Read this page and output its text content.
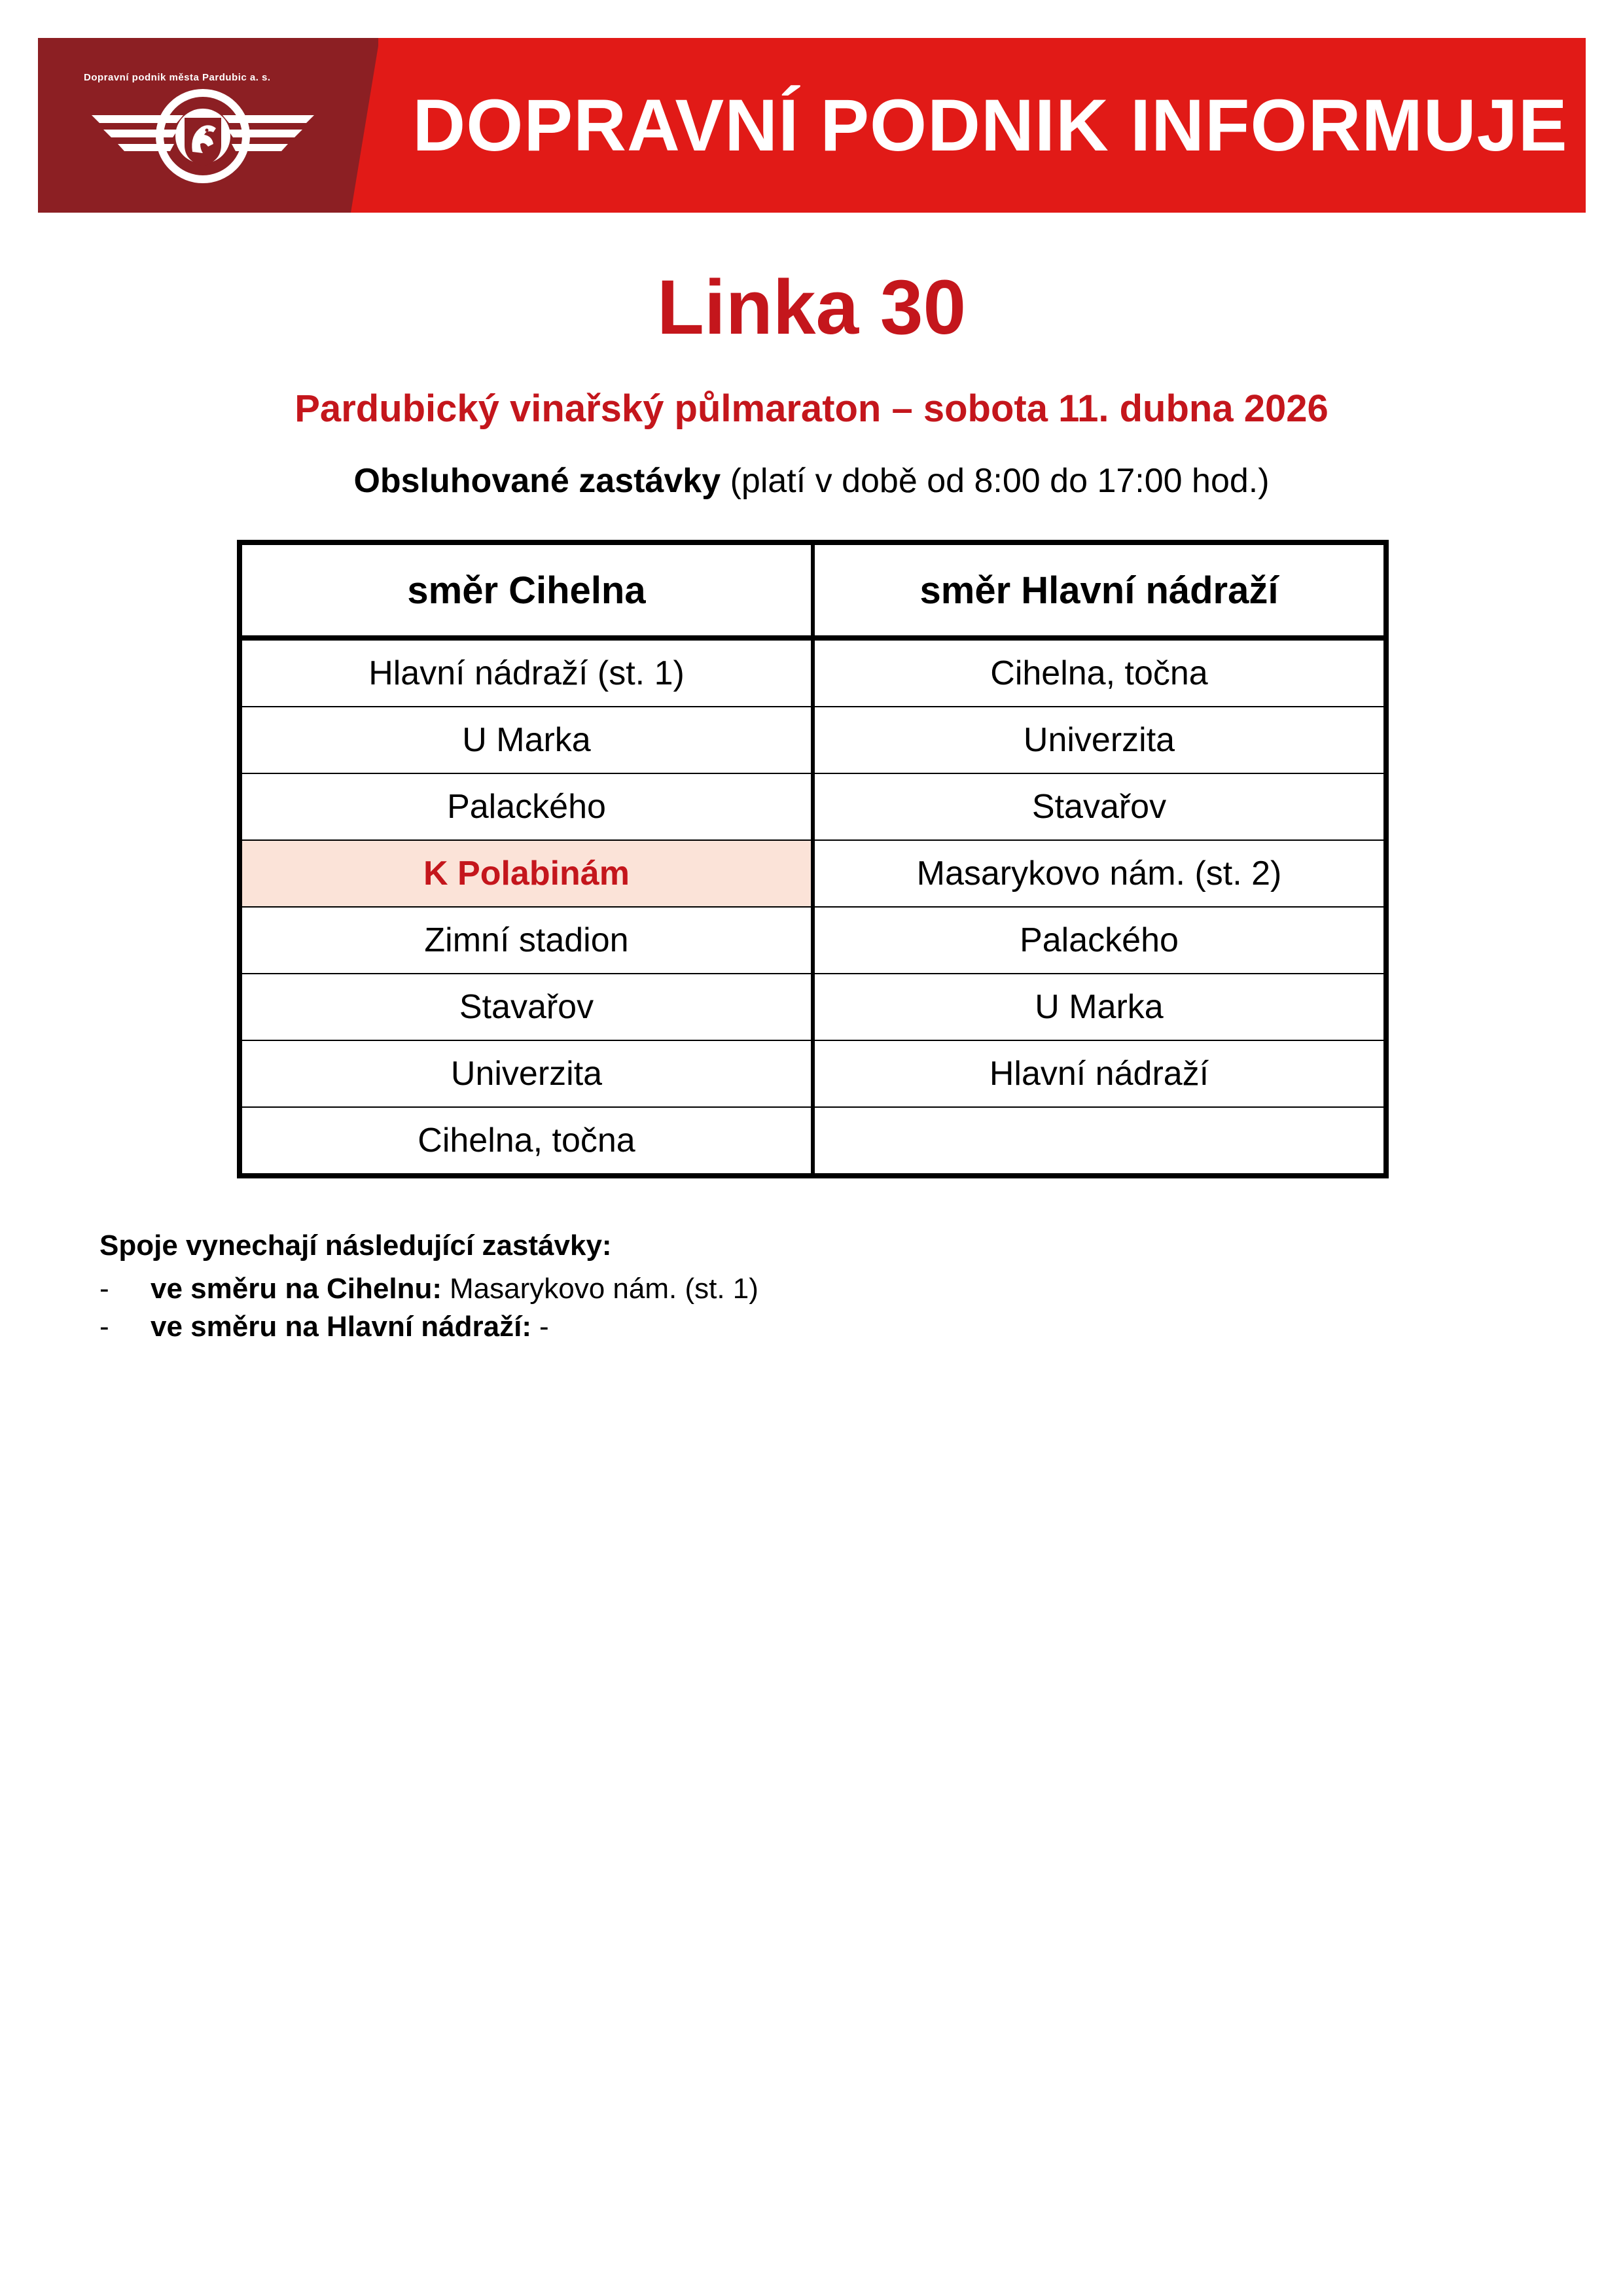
Dopravní podnik města Pardubic a. s.
DOPRAVNÍ PODNIK INFORMUJE
Linka 30
Pardubický vinařský půlmaraton – sobota 11. dubna 2026
Obsluhované zastávky (platí v době od 8:00 do 17:00 hod.)
směr Cihelna	směr Hlavní nádraží
Hlavní nádraží (st. 1)	Cihelna, točna
U Marka	Univerzita
Palackého	Stavařov
K Polabinám	Masarykovo nám. (st. 2)
Zimní stadion	Palackého
Stavařov	U Marka
Univerzita	Hlavní nádraží
Cihelna, točna	
Spoje vynechají následující zastávky:
-	ve směru na Cihelnu: Masarykovo nám. (st. 1)
-	ve směru na Hlavní nádraží: -
